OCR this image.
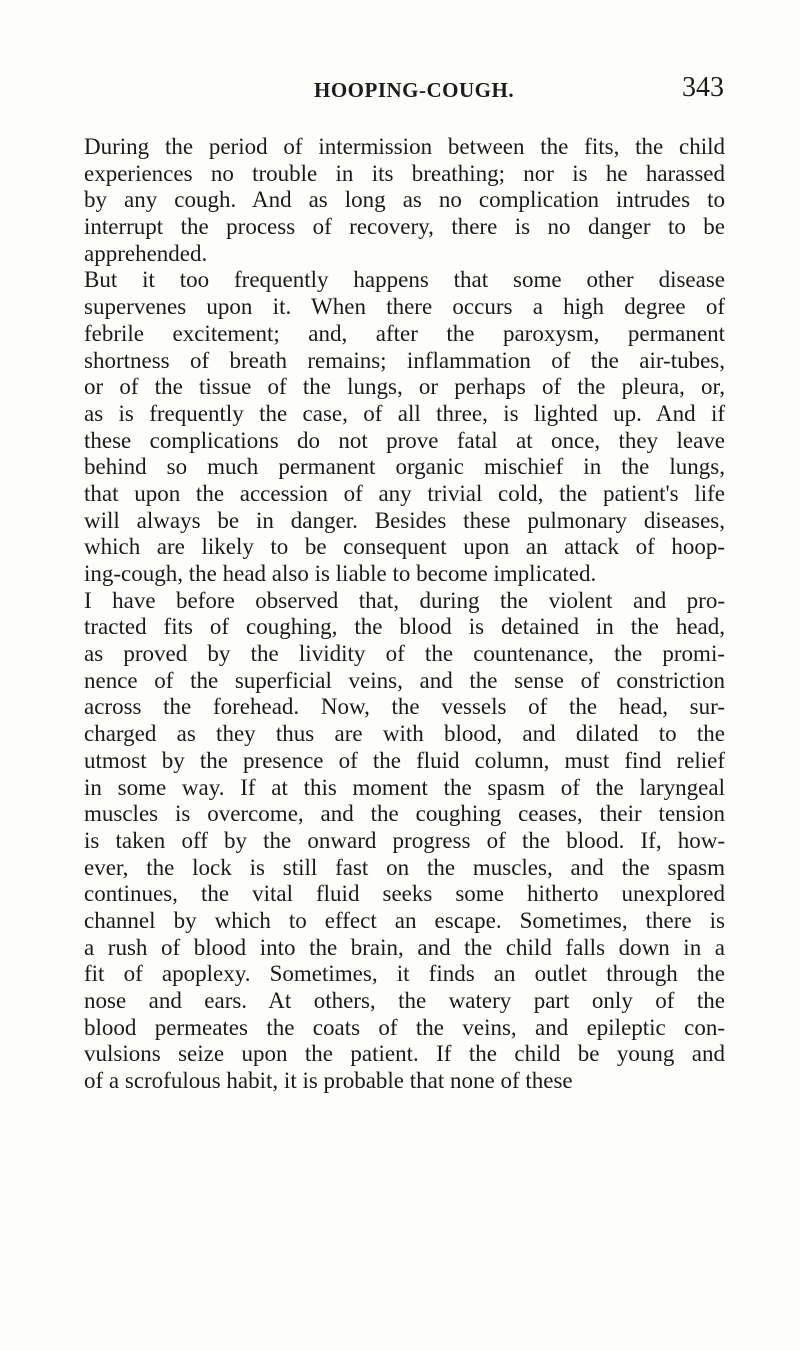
HOOPING-COUGH.	343
During the period of intermission between the fits, the child
experiences no trouble in its breathing; nor is he harassed
by any cough. And as long as no complication intrudes to
interrupt the process of recovery, there is no danger to be
apprehended.
But it too frequently happens that some other disease
supervenes upon it. When there occurs a high degree of
febrile excitement; and, after the paroxysm, permanent
shortness of breath remains; inflammation of the air-tubes,
or of the tissue of the lungs, or perhaps of the pleura, or,
as is frequently the case, of all three, is lighted up. And if
these complications do not prove fatal at once, they leave
behind so much permanent organic mischief in the lungs,
that upon the accession of any trivial cold, the patient's life
will always be in danger. Besides these pulmonary diseases,
which are likely to be consequent upon an attack of hoop-
ing-cough, the head also is liable to become implicated.
I have before observed that, during the violent and pro-
tracted fits of coughing, the blood is detained in the head,
as proved by the lividity of the countenance, the promi-
nence of the superficial veins, and the sense of constriction
across the forehead. Now, the vessels of the head, sur-
charged as they thus are with blood, and dilated to the
utmost by the presence of the fluid column, must find relief
in some way. If at this moment the spasm of the laryngeal
muscles is overcome, and the coughing ceases, their tension
is taken off by the onward progress of the blood. If, how-
ever, the lock is still fast on the muscles, and the spasm
continues, the vital fluid seeks some hitherto unexplored
channel by which to effect an escape. Sometimes, there is
a rush of blood into the brain, and the child falls down in a
fit of apoplexy. Sometimes, it finds an outlet through the
nose and ears. At others, the watery part only of the
blood permeates the coats of the veins, and epileptic con-
vulsions seize upon the patient. If the child be young and
of a scrofulous habit, it is probable that none of these
